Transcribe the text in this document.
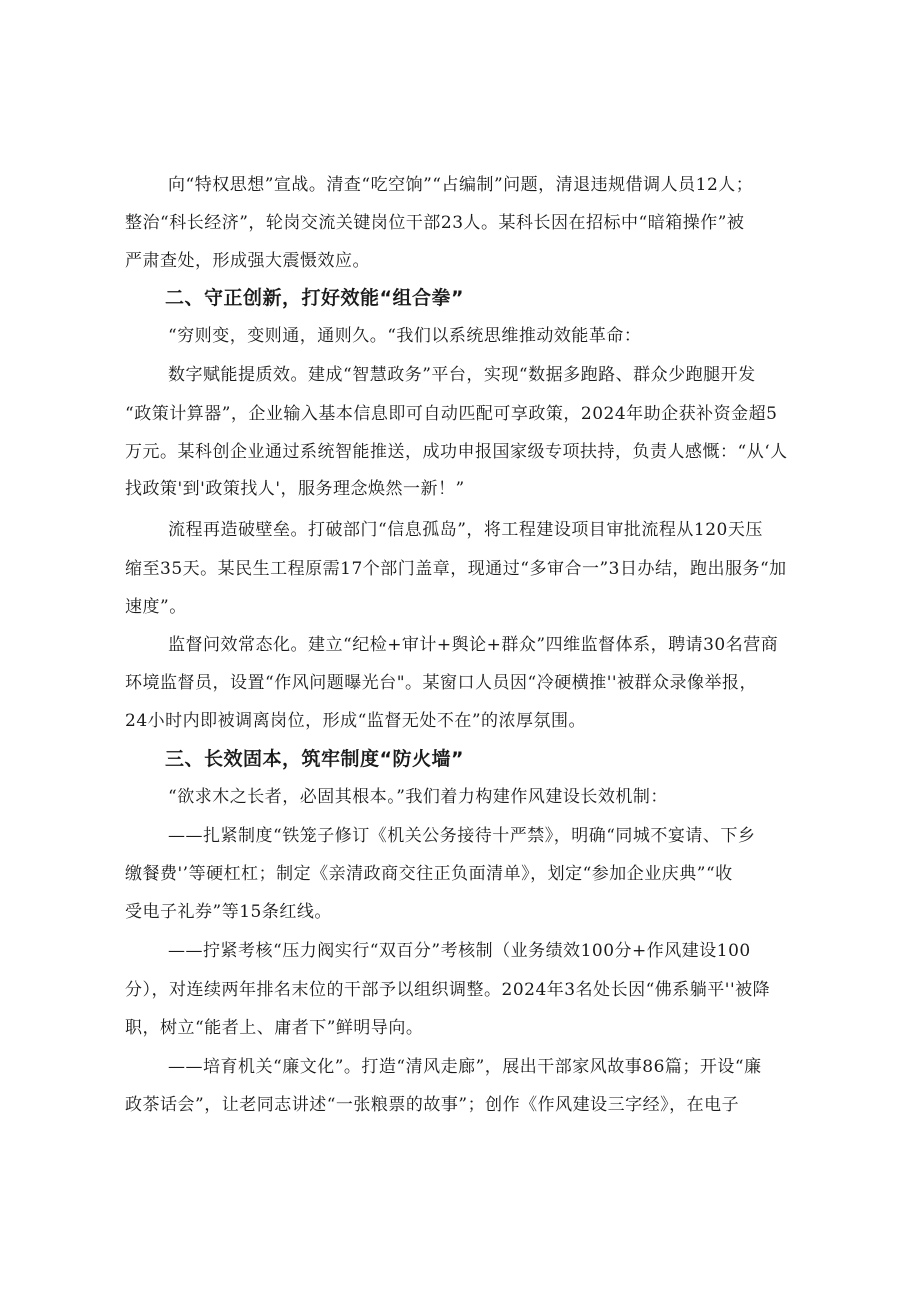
向“特权思想”宣战。清查“吃空饷”“占编制”问题，清退违规借调人员12人；
整治“科长经济”，轮岗交流关键岗位干部23人。某科长因在招标中“暗箱操作”被
严肃查处，形成强大震慑效应。
二、守正创新，打好效能“组合拳”
“穷则变，变则通，通则久。“我们以系统思维推动效能革命：
数字赋能提质效。建成“智慧政务”平台，实现“数据多跑路、群众少跑腿开发
“政策计算器”，企业输入基本信息即可自动匹配可享政策，2024年助企获补资金超5
万元。某科创企业通过系统智能推送，成功申报国家级专项扶持，负责人感慨：“从‘人
找政策'到'政策找人'，服务理念焕然一新！”
流程再造破壁垒。打破部门“信息孤岛”，将工程建设项目审批流程从120天压
缩至35天。某民生工程原需17个部门盖章，现通过“多审合一”3日办结，跑出服务“加
速度”。
监督问效常态化。建立“纪检+审计+舆论+群众”四维监督体系，聘请30名营商
环境监督员，设置“作风问题曝光台"。某窗口人员因“冷硬横推''被群众录像举报，
24小时内即被调离岗位，形成“监督无处不在”的浓厚氛围。
三、长效固本，筑牢制度“防火墙”
“欲求木之长者，必固其根本。”我们着力构建作风建设长效机制：
——扎紧制度“铁笼子修订《机关公务接待十严禁》，明确“同城不宴请、下乡
缴餐费'’等硬杠杠；制定《亲清政商交往正负面清单》，划定“参加企业庆典”“收
受电子礼券”等15条红线。
——拧紧考核“压力阀实行“双百分”考核制（业务绩效100分+作风建设100
分），对连续两年排名末位的干部予以组织调整。2024年3名处长因“佛系躺平''被降
职，树立“能者上、庸者下”鲜明导向。
——培育机关“廉文化”。打造“清风走廊”，展出干部家风故事86篇；开设“廉
政茶话会”，让老同志讲述“一张粮票的故事”；创作《作风建设三字经》，在电子
